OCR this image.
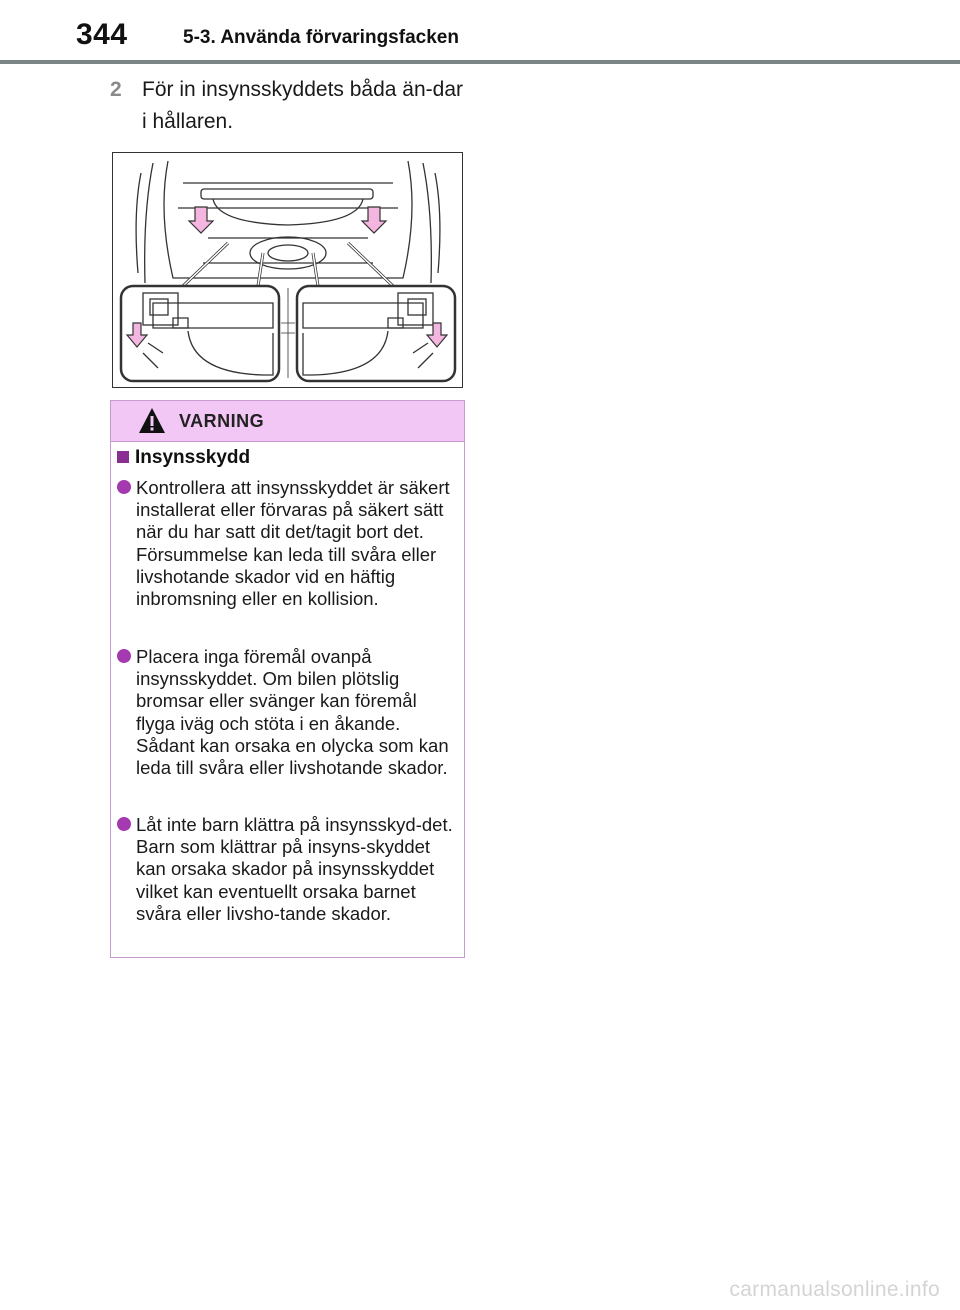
344	5-3. Använda förvaringsfacken
2 För in insynsskyddets båda än-dar i hållaren.
VARNING
Insynsskydd
Kontrollera att insynsskyddet är säkert installerat eller förvaras på säkert sätt när du har satt dit det/tagit bort det. Försummelse kan leda till svåra eller livshotande skador vid en häftig inbromsning eller en kollision.
Placera inga föremål ovanpå insynsskyddet. Om bilen plötslig bromsar eller svänger kan föremål flyga iväg och stöta i en åkande. Sådant kan orsaka en olycka som kan leda till svåra eller livshotande skador.
Låt inte barn klättra på insynsskyd-det. Barn som klättrar på insyns-skyddet kan orsaka skador på insynsskyddet vilket kan eventuellt orsaka barnet svåra eller livsho-tande skador.
carmanualsonline.info
